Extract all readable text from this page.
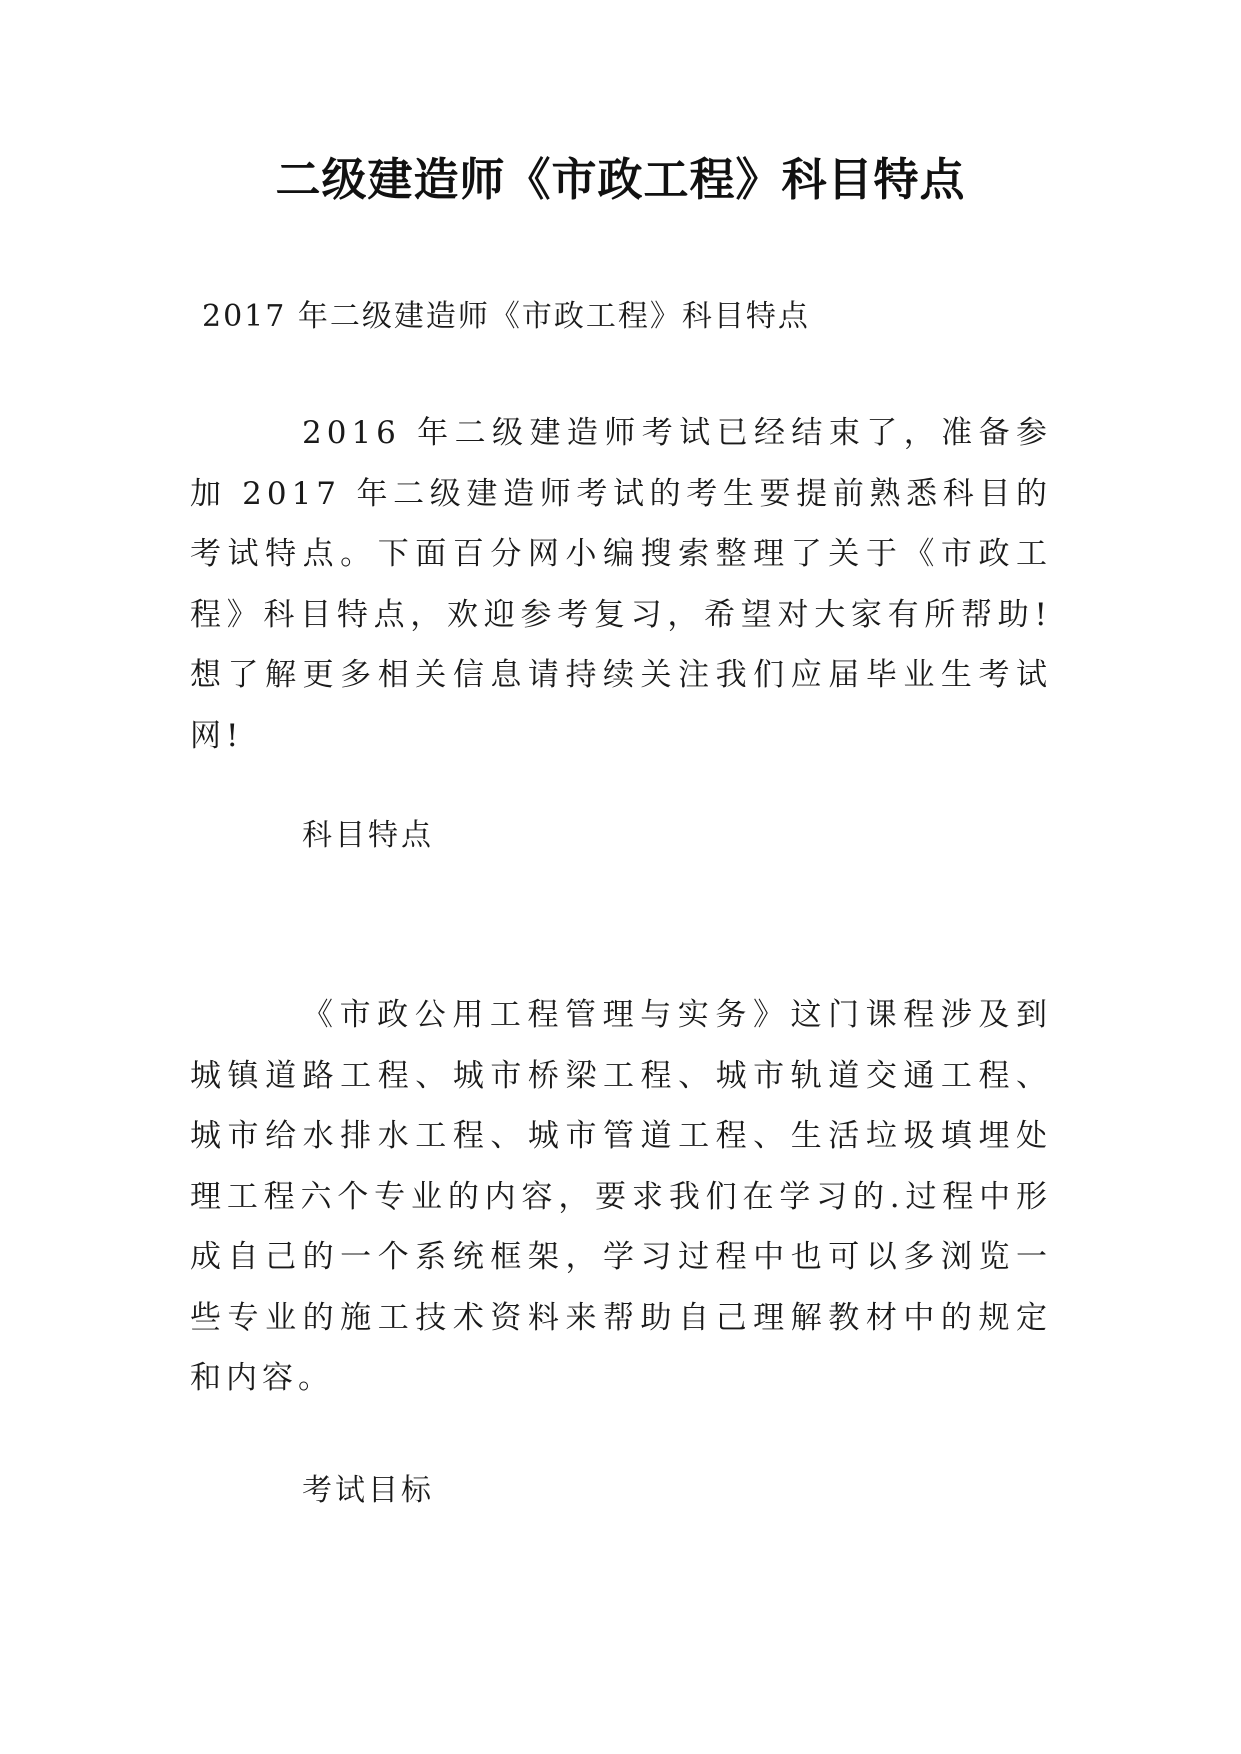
二级建造师《市政工程》科目特点
2017 年二级建造师《市政工程》科目特点
2016 年二级建造师考试已经结束了，准备参加 2017 年二级建造师考试的考生要提前熟悉科目的考试特点。下面百分网小编搜索整理了关于《市政工程》科目特点，欢迎参考复习，希望对大家有所帮助!想了解更多相关信息请持续关注我们应届毕业生考试网!
科目特点
《市政公用工程管理与实务》这门课程涉及到城镇道路工程、城市桥梁工程、城市轨道交通工程、城市给水排水工程、城市管道工程、生活垃圾填埋处理工程六个专业的内容，要求我们在学习的.过程中形成自己的一个系统框架，学习过程中也可以多浏览一些专业的施工技术资料来帮助自己理解教材中的规定和内容。
考试目标
